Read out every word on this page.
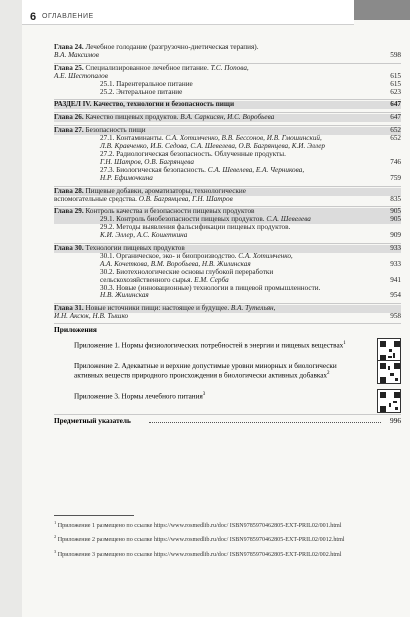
6 ОГЛАВЛЕНИЕ
Глава 24. Лечебное голодание (разгрузочно-диетическая терапия).
В.А. Максимов	598
Глава 25. Специализированное лечебное питание. Т.С. Попова,
А.Е. Шестопалов	615
25.1. Парентеральное питание	615
25.2. Энтеральное питание	623
РАЗДЕЛ IV. Качество, технологии и безопасность пищи	647
Глава 26. Качество пищевых продуктов. В.А. Саркисян, И.С. Воробьева	647
Глава 27. Безопасность пищи	652
27.1. Контаминанты. С.А. Хотимченко, В.В. Бессонов, И.В. Гмошинский,	652
Л.В. Кравченко, И.Б. Седова, С.А. Шевелева, О.В. Багрянцева, К.И. Эллер
27.2. Радиологическая безопасность. Облученные продукты.
Г.Н. Шатров, О.В. Багрянцева	746
27.3. Биологическая безопасность. С.А. Шевелева, Е.А. Черникова,
Н.Р. Ефимочкина	759
Глава 28. Пищевые добавки, ароматизаторы, технологические
вспомогательные средства. О.В. Багрянцева, Г.Н. Шатров	835
Глава 29. Контроль качества и безопасности пищевых продуктов	905
29.1. Контроль биобезопасности пищевых продуктов. С.А. Шевелева	905
29.2. Методы выявления фальсификации пищевых продуктов.
К.И. Эллер, А.С. Кошеткина	909
Глава 30. Технологии пищевых продуктов	933
30.1. Органическое, эко- и биопроизводство. С.А. Хотимченко,
А.А. Кочеткова, В.М. Воробьева, Н.В. Жилинская	933
30.2. Биотехнологические основы глубокой переработки
сельскохозяйственного сырья. Е.М. Серба	941
30.3. Новые (инновационные) технологии в пищевой промышленности.
Н.В. Жилинская	954
Глава 31. Новые источники пищи: настоящее и будущее. В.А. Тутельян,
И.Н. Аксюк, Н.В. Тышко	958
Приложения
Приложение 1. Нормы физиологических потребностей в энергии и пищевых веществах$^1$
Приложение 2. Адекватные и верхние допустимые уровни минорных и биологически активных веществ природного происхождения в биологически активных добавках$^2$
Приложение 3. Нормы лечебного питания$^3$
Предметный указатель	996
$^1$ Приложение 1 размещено по ссылке https://www.rosmedlib.ru/doc/ ISBN9785970462805-EXT-PRIL02/001.html
$^2$ Приложение 2 размещено по ссылке https://www.rosmedlib.ru/doc/ ISBN9785970462805-EXT-PRIL02/0012.html
$^3$ Приложение 3 размещено по ссылке https://www.rosmedlib.ru/doc/ ISBN9785970462805-EXT-PRIL02/002.html
